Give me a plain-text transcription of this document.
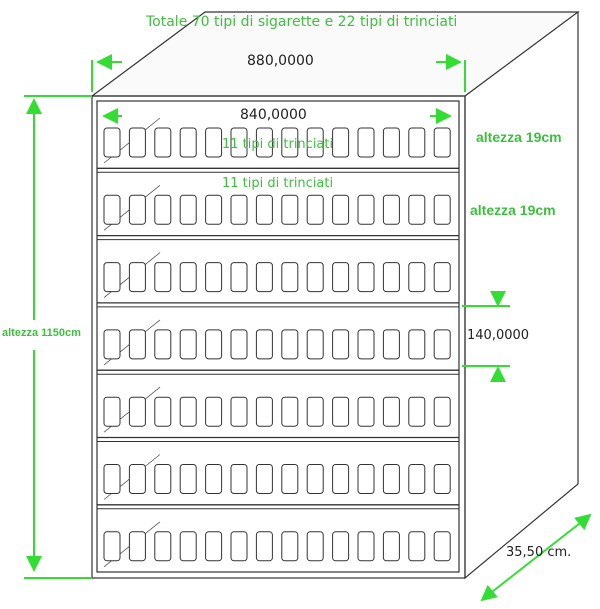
Totale 70 tipi di sigarette e 22 tipi di trinciati
880,0000
840,0000
11 tipi di trinciati
11 tipi di trinciati
altezza 19cm
altezza 19cm
140,0000
altezza 1150cm
35,50 cm.
